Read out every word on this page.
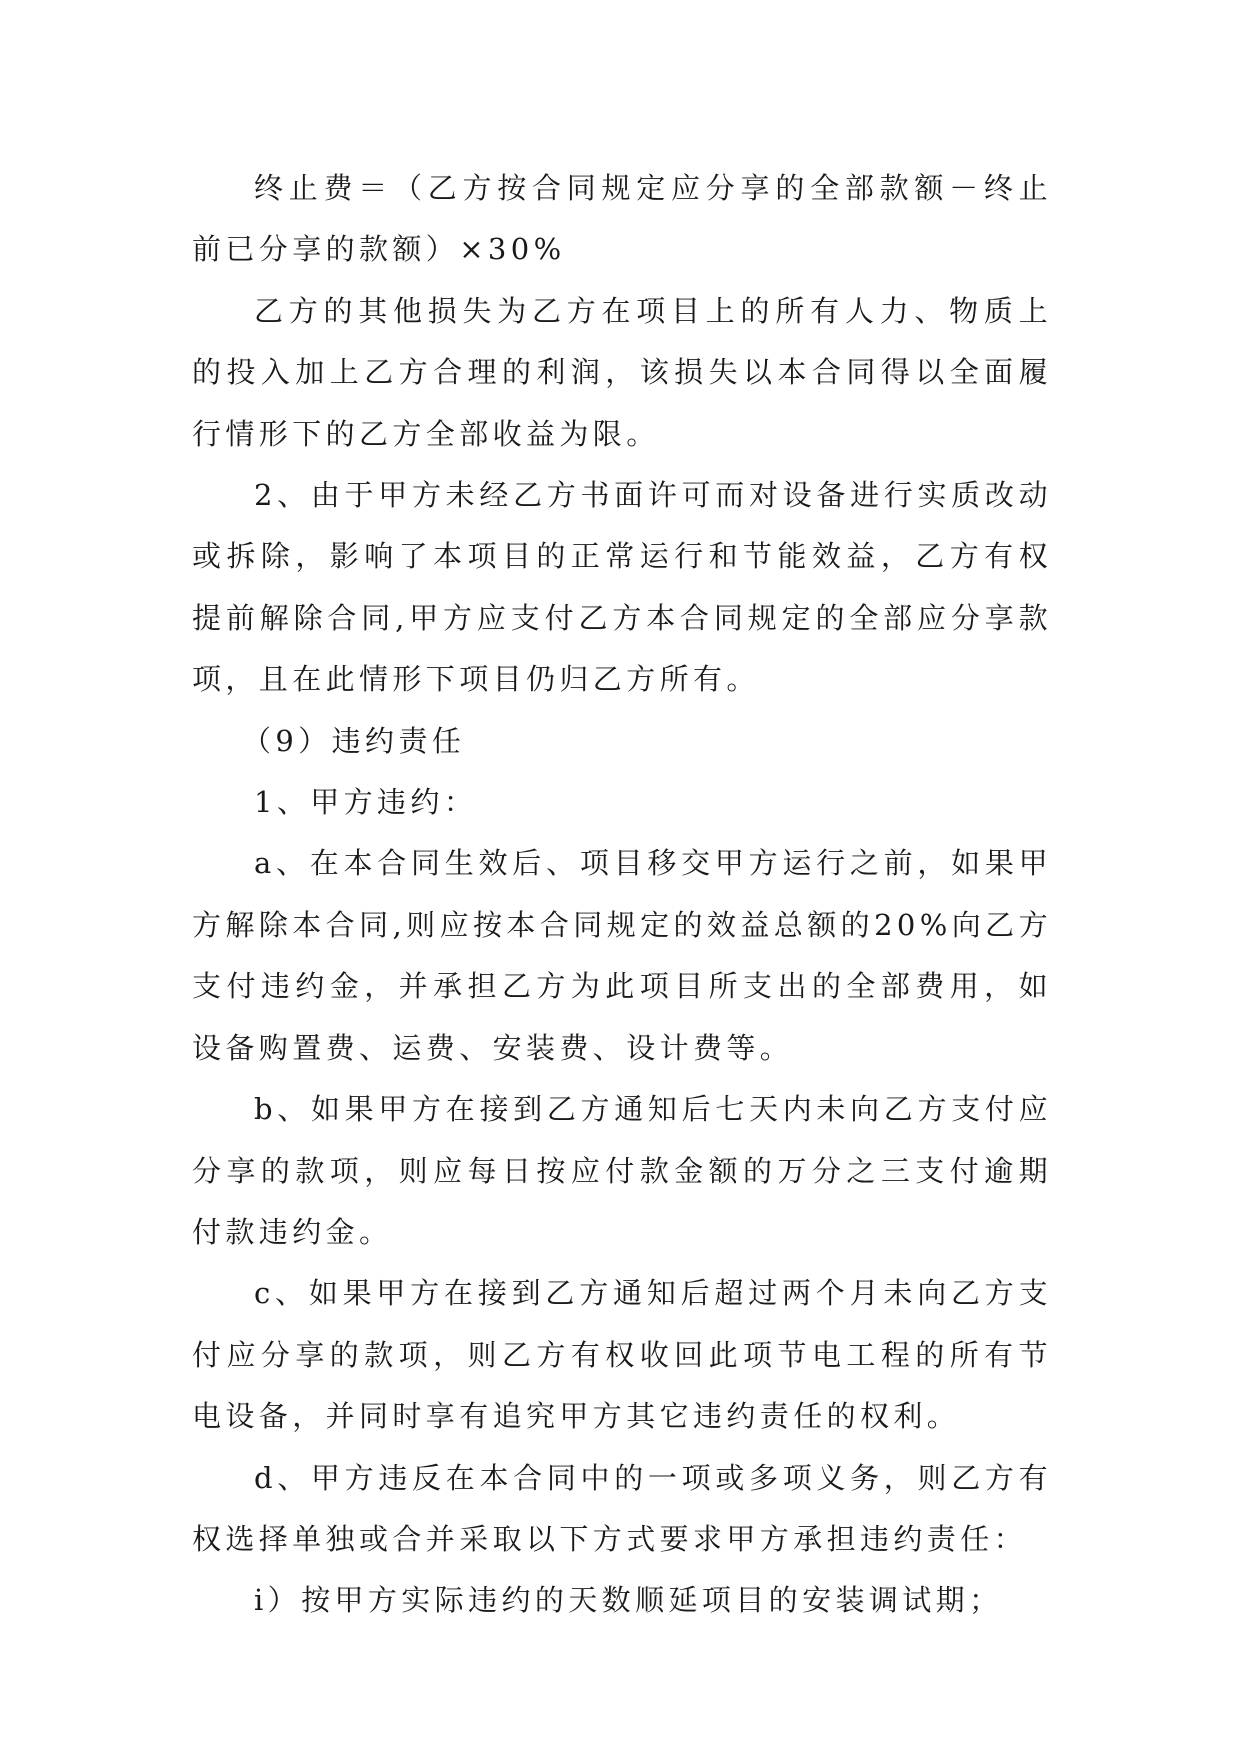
终止费＝（乙方按合同规定应分享的全部款额－终止前已分享的款额）×30%

乙方的其他损失为乙方在项目上的所有人力、物质上的投入加上乙方合理的利润，该损失以本合同得以全面履行情形下的乙方全部收益为限。

2、由于甲方未经乙方书面许可而对设备进行实质改动或拆除，影响了本项目的正常运行和节能效益，乙方有权提前解除合同,甲方应支付乙方本合同规定的全部应分享款项，且在此情形下项目仍归乙方所有。

（9）违约责任

1、甲方违约：

a、在本合同生效后、项目移交甲方运行之前，如果甲方解除本合同,则应按本合同规定的效益总额的20%向乙方支付违约金，并承担乙方为此项目所支出的全部费用，如设备购置费、运费、安装费、设计费等。

b、如果甲方在接到乙方通知后七天内未向乙方支付应分享的款项，则应每日按应付款金额的万分之三支付逾期付款违约金。

c、如果甲方在接到乙方通知后超过两个月未向乙方支付应分享的款项，则乙方有权收回此项节电工程的所有节电设备，并同时享有追究甲方其它违约责任的权利。

d、甲方违反在本合同中的一项或多项义务，则乙方有权选择单独或合并采取以下方式要求甲方承担违约责任：

i）按甲方实际违约的天数顺延项目的安装调试期；
